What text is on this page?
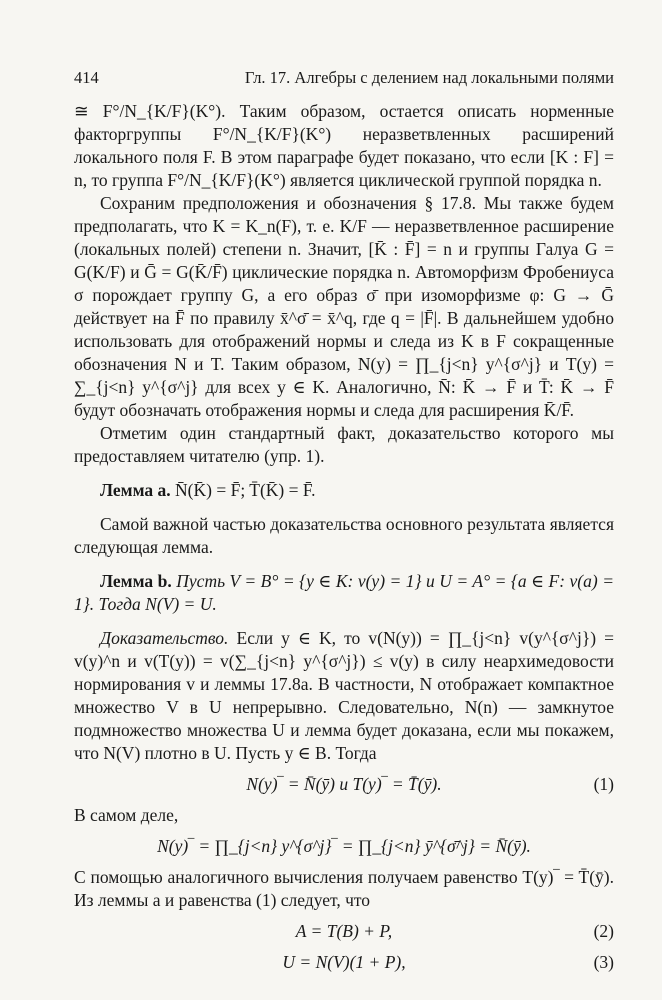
414	Гл. 17. Алгебры с делением над локальными полями

≅ F°/N_{K/F}(K°). Таким образом, остается описать норменные факторгруппы F°/N_{K/F}(K°) неразветвленных расширений локального поля F. В этом параграфе будет показано, что если [K : F] = n, то группа F°/N_{K/F}(K°) является циклической группой порядка n.

Сохраним предположения и обозначения § 17.8. Мы также будем предполагать, что K = K_n(F), т. е. K/F — неразветвленное расширение (локальных полей) степени n. Значит, [K̄ : F̄] = n и группы Галуа G = G(K/F) и Ḡ = G(K̄/F̄) циклические порядка n. Автоморфизм Фробениуса σ порождает группу G, а его образ σ̄ при изоморфизме φ: G → Ḡ действует на F̄ по правилу x̄^σ̄ = x̄^q, где q = |F̄|. В дальнейшем удобно использовать для отображений нормы и следа из K в F сокращенные обозначения N и T. Таким образом, N(y) = ∏_{j<n} y^{σ^j} и T(y) = ∑_{j<n} y^{σ^j} для всех y ∈ K. Аналогично, N̄: K̄ → F̄ и T̄: K̄ → F̄ будут обозначать отображения нормы и следа для расширения K̄/F̄.

Отметим один стандартный факт, доказательство которого мы предоставляем читателю (упр. 1).

Лемма a. N̄(K̄) = F̄; T̄(K̄) = F̄.

Самой важной частью доказательства основного результата является следующая лемма.

Лемма b. Пусть V = B° = {y ∈ K: v(y) = 1} и U = A° = {a ∈ F: v(a) = 1}. Тогда N(V) = U.

Доказательство. Если y ∈ K, то v(N(y)) = ∏_{j<n} v(y^{σ^j}) = v(y)^n и v(T(y)) = v(∑_{j<n} y^{σ^j}) ≤ v(y) в силу неархимедовости нормирования v и леммы 17.8a. В частности, N отображает компактное множество V в U непрерывно. Следовательно, N(n) — замкнутое подмножество множества U и лемма будет доказана, если мы покажем, что N(V) плотно в U. Пусть y ∈ B. Тогда

N(y)‾ = N̄(ȳ) и T(y)‾ = T̄(ȳ).	(1)

В самом деле,

N(y)‾ = ∏_{j<n} y^{σ^j}‾ = ∏_{j<n} ȳ^{σ̄^j} = N̄(ȳ).

С помощью аналогичного вычисления получаем равенство T(y)‾ = T̄(ȳ). Из леммы a и равенства (1) следует, что

A = T(B) + P,	(2)
U = N(V)(1 + P),	(3)
